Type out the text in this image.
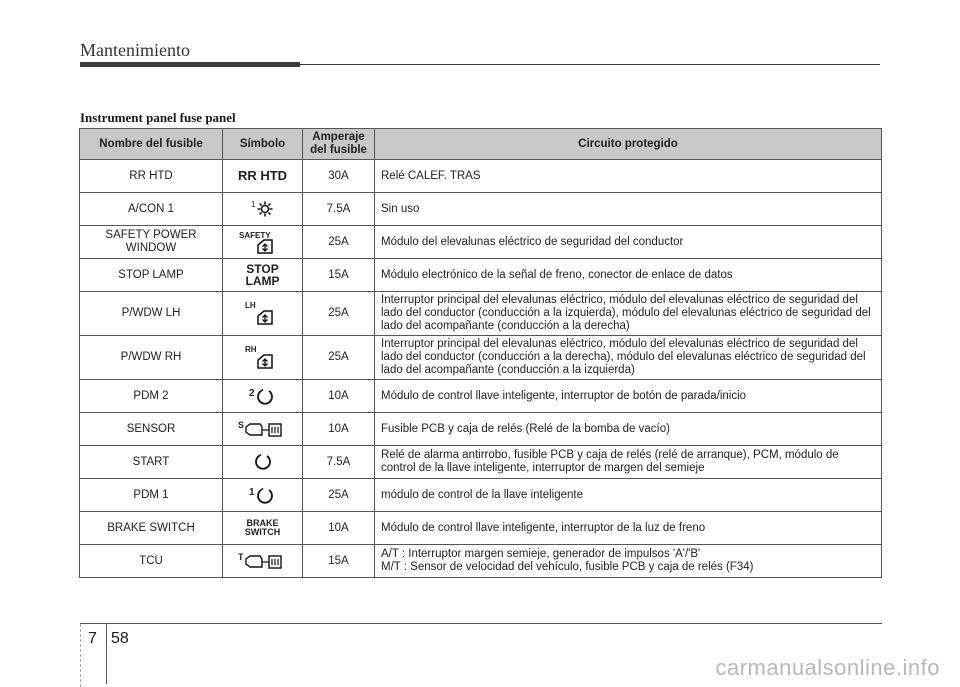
Mantenimiento
Instrument panel fuse panel
Nombre del fusible	Símbolo	Amperaje del fusible	Circuito protegido
RR HTD	RR HTD	30A	Relé CALEF. TRAS
A/CON 1	1	7.5A	Sin uso
SAFETY POWER WINDOW	SAFETY	25A	Módulo del elevalunas eléctrico de seguridad del conductor
STOP LAMP	STOP LAMP	15A	Módulo electrónico de la señal de freno, conector de enlace de datos
P/WDW LH	LH	25A	Interruptor principal del elevalunas eléctrico, módulo del elevalunas eléctrico de seguridad del lado del conductor (conducción a la izquierda), módulo del elevalunas eléctrico de seguridad del lado del acompañante (conducción a la derecha)
P/WDW RH	RH	25A	Interruptor principal del elevalunas eléctrico, módulo del elevalunas eléctrico de seguridad del lado del conductor (conducción a la derecha), módulo del elevalunas eléctrico de seguridad del lado del acompañante (conducción a la izquierda)
PDM 2	2	10A	Módulo de control llave inteligente, interruptor de botón de parada/inicio
SENSOR	S	10A	Fusible PCB y caja de relés (Relé de la bomba de vacío)
START		7.5A	Relé de alarma antirrobo, fusible PCB y caja de relés (relé de arranque), PCM, módulo de control de la llave inteligente, interruptor de margen del semieje
PDM 1	1	25A	módulo de control de la llave inteligente
BRAKE SWITCH	BRAKE SWITCH	10A	Módulo de control llave inteligente, interruptor de la luz de freno
TCU	T	15A	A/T : Interruptor margen semieje, generador de impulsos 'A'/'B'
M/T : Sensor de velocidad del vehículo, fusible PCB y caja de relés (F34)
7 58
carmanualsonline.info
